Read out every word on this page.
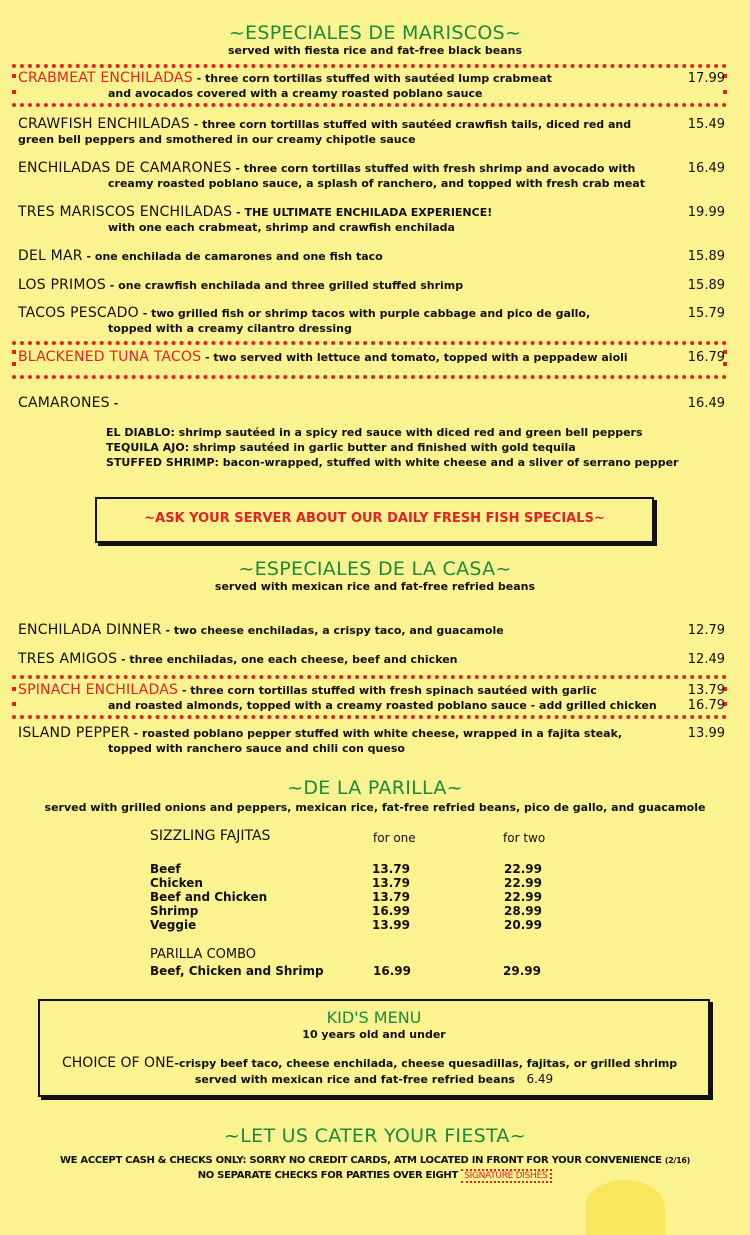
~ESPECIALES DE MARISCOS~
served with fiesta rice and fat-free black beans
CRABMEAT ENCHILADAS - three corn tortillas stuffed with sautéed lump crabmeat
and avocados covered with a creamy roasted poblano sauce
17.99
CRAWFISH ENCHILADAS - three corn tortillas stuffed with sautéed crawfish tails, diced red and
green bell peppers and smothered in our creamy chipotle sauce
15.49
ENCHILADAS DE CAMARONES - three corn tortillas stuffed with fresh shrimp and avocado with
creamy roasted poblano sauce, a splash of ranchero, and topped with fresh crab meat
16.49
TRES MARISCOS ENCHILADAS - THE ULTIMATE ENCHILADA EXPERIENCE!
with one each crabmeat, shrimp and crawfish enchilada
19.99
DEL MAR - one enchilada de camarones and one fish taco	15.89
LOS PRIMOS - one crawfish enchilada and three grilled stuffed shrimp	15.89
TACOS PESCADO - two grilled fish or shrimp tacos with purple cabbage and pico de gallo,
topped with a creamy cilantro dressing
15.79
BLACKENED TUNA TACOS - two served with lettuce and tomato, topped with a peppadew aioli	16.79
CAMARONES -	16.49
EL DIABLO: shrimp sautéed in a spicy red sauce with diced red and green bell peppers
TEQUILA AJO: shrimp sautéed in garlic butter and finished with gold tequila
STUFFED SHRIMP: bacon-wrapped, stuffed with white cheese and a sliver of serrano pepper
~ASK YOUR SERVER ABOUT OUR DAILY FRESH FISH SPECIALS~
~ESPECIALES DE LA CASA~
served with mexican rice and fat-free refried beans
ENCHILADA DINNER - two cheese enchiladas, a crispy taco, and guacamole	12.79
TRES AMIGOS - three enchiladas, one each cheese, beef and chicken	12.49
SPINACH ENCHILADAS - three corn tortillas stuffed with fresh spinach sautéed with garlic
and roasted almonds, topped with a creamy roasted poblano sauce - add grilled chicken
13.79
16.79
ISLAND PEPPER - roasted poblano pepper stuffed with white cheese, wrapped in a fajita steak,
topped with ranchero sauce and chili con queso
13.99
~DE LA PARILLA~
served with grilled onions and peppers, mexican rice, fat-free refried beans, pico de gallo, and guacamole
SIZZLING FAJITAS	for one	for two
Beef	13.79	22.99
Chicken	13.79	22.99
Beef and Chicken	13.79	22.99
Shrimp	16.99	28.99
Veggie	13.99	20.99
PARILLA COMBO
Beef, Chicken and Shrimp	16.99	29.99
KID'S MENU
10 years old and under
CHOICE OF ONE-crispy beef taco, cheese enchilada, cheese quesadillas, fajitas, or grilled shrimp
served with mexican rice and fat-free refried beans 6.49
~LET US CATER YOUR FIESTA~
WE ACCEPT CASH & CHECKS ONLY: SORRY NO CREDIT CARDS, ATM LOCATED IN FRONT FOR YOUR CONVENIENCE (2/16)
NO SEPARATE CHECKS FOR PARTIES OVER EIGHT SIGNATURE DISHES
